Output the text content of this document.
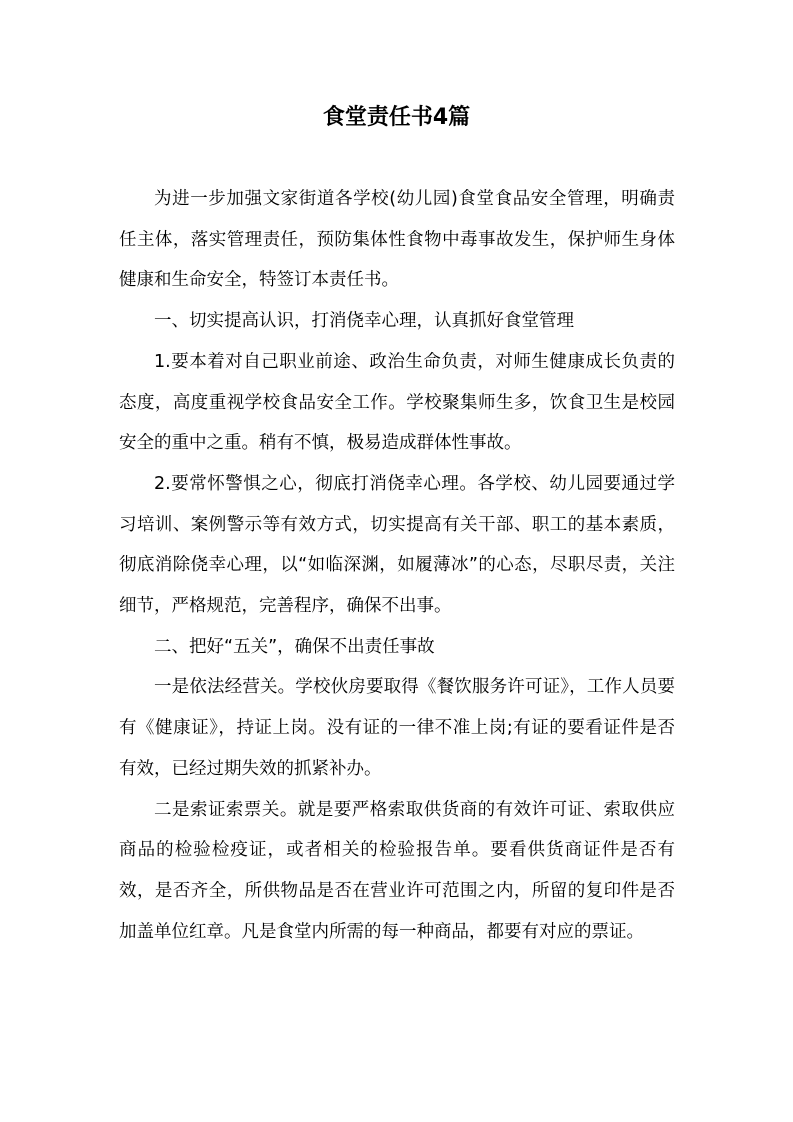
食堂责任书4篇

为进一步加强文家街道各学校(幼儿园)食堂食品安全管理，明确责任主体，落实管理责任，预防集体性食物中毒事故发生，保护师生身体健康和生命安全，特签订本责任书。

一、切实提高认识，打消侥幸心理，认真抓好食堂管理

1.要本着对自己职业前途、政治生命负责，对师生健康成长负责的态度，高度重视学校食品安全工作。学校聚集师生多，饮食卫生是校园安全的重中之重。稍有不慎，极易造成群体性事故。

2.要常怀警惧之心，彻底打消侥幸心理。各学校、幼儿园要通过学习培训、案例警示等有效方式，切实提高有关干部、职工的基本素质，彻底消除侥幸心理，以“如临深渊，如履薄冰”的心态，尽职尽责，关注细节，严格规范，完善程序，确保不出事。

二、把好“五关”，确保不出责任事故

一是依法经营关。学校伙房要取得《餐饮服务许可证》，工作人员要有《健康证》，持证上岗。没有证的一律不准上岗;有证的要看证件是否有效，已经过期失效的抓紧补办。

二是索证索票关。就是要严格索取供货商的有效许可证、索取供应商品的检验检疫证，或者相关的检验报告单。要看供货商证件是否有效，是否齐全，所供物品是否在营业许可范围之内，所留的复印件是否加盖单位红章。凡是食堂内所需的每一种商品，都要有对应的票证。
